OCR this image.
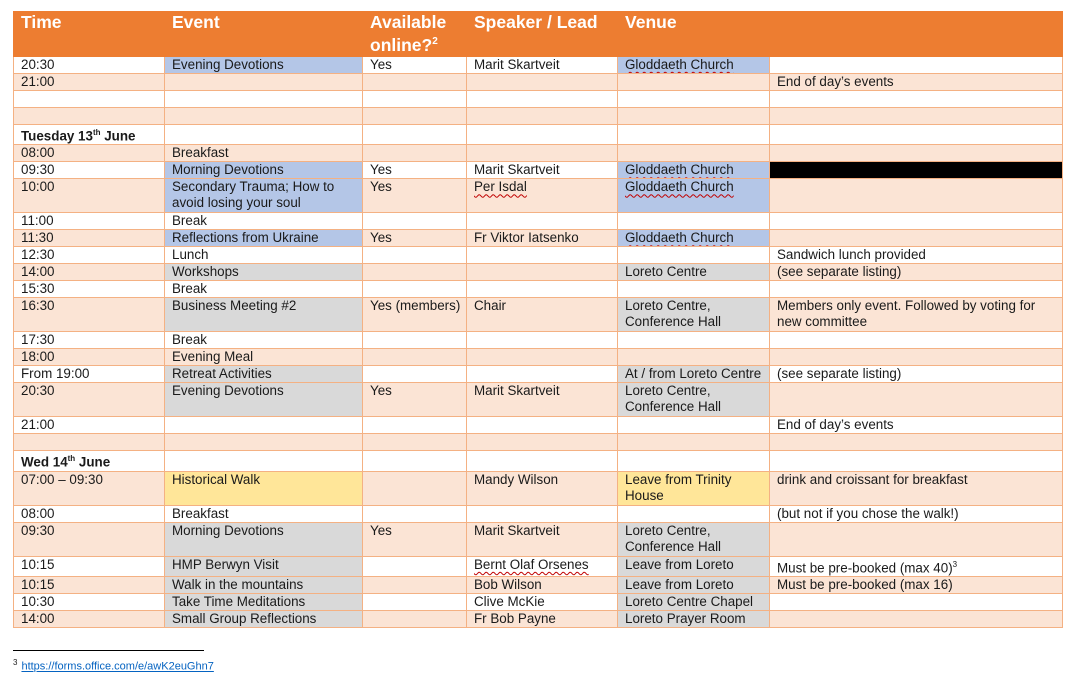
Time	Event	Available online?$^2$	Speaker / Lead	Venue	
20:30	Evening Devotions	Yes	Marit Skartveit	Gloddaeth Church	
21:00					End of day’s events

Tuesday 13th June					
08:00	Breakfast				
09:30	Morning Devotions	Yes	Marit Skartveit	Gloddaeth Church	
10:00	Secondary Trauma; How to avoid losing your soul	Yes	Per Isdal	Gloddaeth Church	
11:00	Break				
11:30	Reflections from Ukraine	Yes	Fr Viktor Iatsenko	Gloddaeth Church	
12:30	Lunch				Sandwich lunch provided
14:00	Workshops			Loreto Centre	(see separate listing)
15:30	Break				
16:30	Business Meeting #2	Yes (members)	Chair	Loreto Centre, Conference Hall	Members only event. Followed by voting for new committee
17:30	Break				
18:00	Evening Meal				
From 19:00	Retreat Activities			At / from Loreto Centre	(see separate listing)
20:30	Evening Devotions	Yes	Marit Skartveit	Loreto Centre, Conference Hall	
21:00					End of day’s events

Wed 14th June					
07:00 – 09:30	Historical Walk		Mandy Wilson	Leave from Trinity House	drink and croissant for breakfast
08:00	Breakfast				(but not if you chose the walk!)
09:30	Morning Devotions	Yes	Marit Skartveit	Loreto Centre, Conference Hall	
10:15	HMP Berwyn Visit		Bernt Olaf Orsenes	Leave from Loreto	Must be pre-booked (max 40)$^3$
10:15	Walk in the mountains		Bob Wilson	Leave from Loreto	Must be pre-booked (max 16)
10:30	Take Time Meditations		Clive McKie	Loreto Centre Chapel	
14:00	Small Group Reflections		Fr Bob Payne	Loreto Prayer Room	
$^3$ https://forms.office.com/e/awK2euGhn7
